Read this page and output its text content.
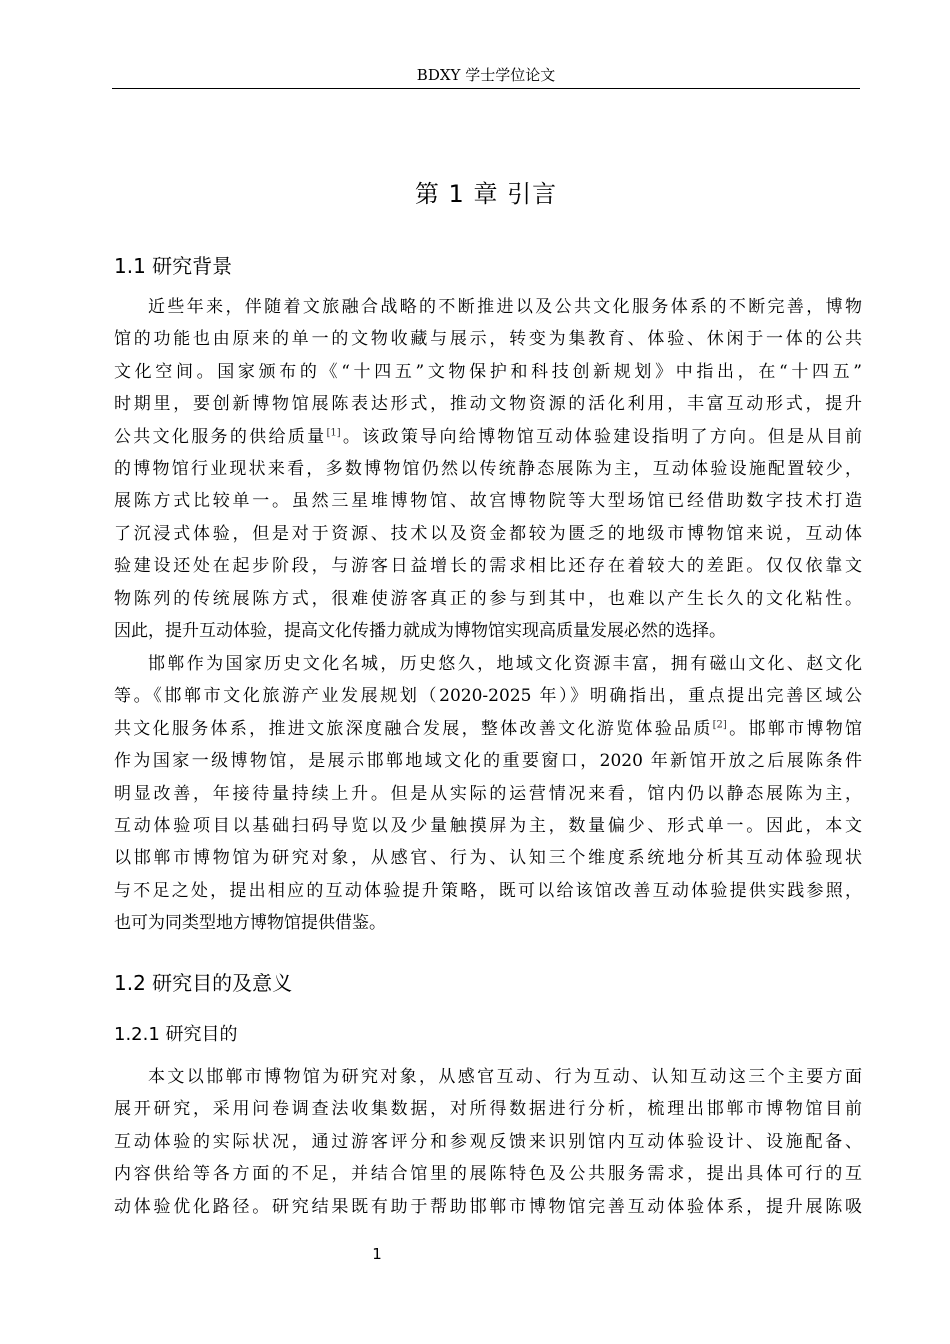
BDXY 学士学位论文
第 1 章 引言
1.1 研究背景
近些年来，伴随着文旅融合战略的不断推进以及公共文化服务体系的不断完善，博物
馆的功能也由原来的单一的文物收藏与展示，转变为集教育、体验、休闲于一体的公共
文化空间。国家颁布的《“十四五”文物保护和科技创新规划》中指出，在“十四五”
时期里，要创新博物馆展陈表达形式，推动文物资源的活化利用，丰富互动形式，提升
公共文化服务的供给质量[1]。该政策导向给博物馆互动体验建设指明了方向。但是从目前
的博物馆行业现状来看，多数博物馆仍然以传统静态展陈为主，互动体验设施配置较少，
展陈方式比较单一。虽然三星堆博物馆、故宫博物院等大型场馆已经借助数字技术打造
了沉浸式体验，但是对于资源、技术以及资金都较为匮乏的地级市博物馆来说，互动体
验建设还处在起步阶段，与游客日益增长的需求相比还存在着较大的差距。仅仅依靠文
物陈列的传统展陈方式，很难使游客真正的参与到其中，也难以产生长久的文化粘性。
因此，提升互动体验，提高文化传播力就成为博物馆实现高质量发展必然的选择。
邯郸作为国家历史文化名城，历史悠久，地域文化资源丰富，拥有磁山文化、赵文化
等。《邯郸市文化旅游产业发展规划（2020-2025 年）》明确指出，重点提出完善区域公
共文化服务体系，推进文旅深度融合发展，整体改善文化游览体验品质[2]。邯郸市博物馆
作为国家一级博物馆，是展示邯郸地域文化的重要窗口，2020 年新馆开放之后展陈条件
明显改善，年接待量持续上升。但是从实际的运营情况来看，馆内仍以静态展陈为主，
互动体验项目以基础扫码导览以及少量触摸屏为主，数量偏少、形式单一。因此，本文
以邯郸市博物馆为研究对象，从感官、行为、认知三个维度系统地分析其互动体验现状
与不足之处，提出相应的互动体验提升策略，既可以给该馆改善互动体验提供实践参照，
也可为同类型地方博物馆提供借鉴。
1.2 研究目的及意义
1.2.1 研究目的
本文以邯郸市博物馆为研究对象，从感官互动、行为互动、认知互动这三个主要方面
展开研究，采用问卷调查法收集数据，对所得数据进行分析，梳理出邯郸市博物馆目前
互动体验的实际状况，通过游客评分和参观反馈来识别馆内互动体验设计、设施配备、
内容供给等各方面的不足，并结合馆里的展陈特色及公共服务需求，提出具体可行的互
动体验优化路径。研究结果既有助于帮助邯郸市博物馆完善互动体验体系，提升展陈吸
1
